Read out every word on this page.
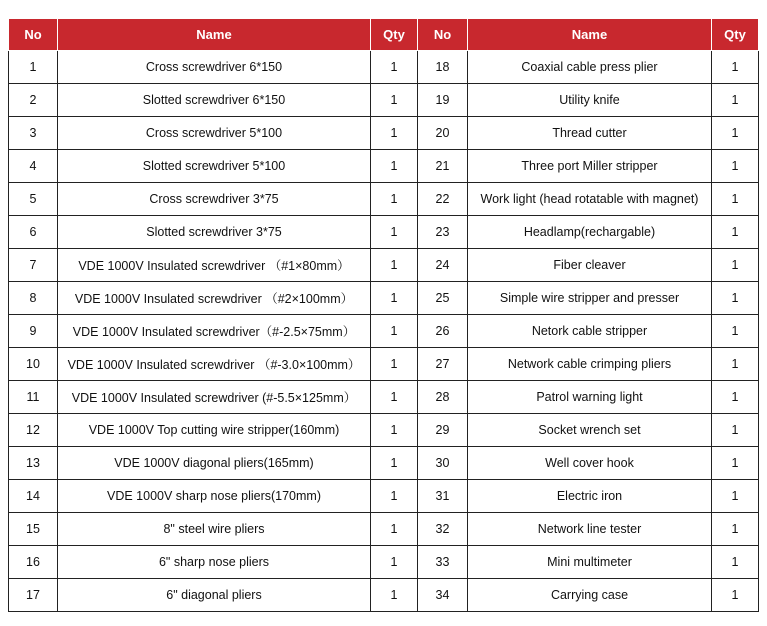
No	Name	Qty	No	Name	Qty
1	Cross screwdriver 6*150	1	18	Coaxial cable press plier	1
2	Slotted screwdriver 6*150	1	19	Utility knife	1
3	Cross screwdriver 5*100	1	20	Thread cutter	1
4	Slotted screwdriver 5*100	1	21	Three port Miller stripper	1
5	Cross screwdriver 3*75	1	22	Work light (head rotatable with magnet)	1
6	Slotted screwdriver 3*75	1	23	Headlamp(rechargable)	1
7	VDE 1000V Insulated screwdriver （#1×80mm）	1	24	Fiber cleaver	1
8	VDE 1000V Insulated screwdriver （#2×100mm）	1	25	Simple wire stripper and presser	1
9	VDE 1000V Insulated screwdriver（#-2.5×75mm）	1	26	Netork cable stripper	1
10	VDE 1000V Insulated screwdriver （#-3.0×100mm）	1	27	Network cable crimping pliers	1
11	VDE 1000V Insulated screwdriver (#-5.5×125mm）	1	28	Patrol warning light	1
12	VDE 1000V Top cutting wire stripper(160mm)	1	29	Socket wrench set	1
13	VDE 1000V diagonal pliers(165mm)	1	30	Well cover hook	1
14	VDE 1000V sharp nose pliers(170mm)	1	31	Electric iron	1
15	8" steel wire pliers	1	32	Network line tester	1
16	6" sharp nose pliers	1	33	Mini multimeter	1
17	6" diagonal pliers	1	34	Carrying case	1
